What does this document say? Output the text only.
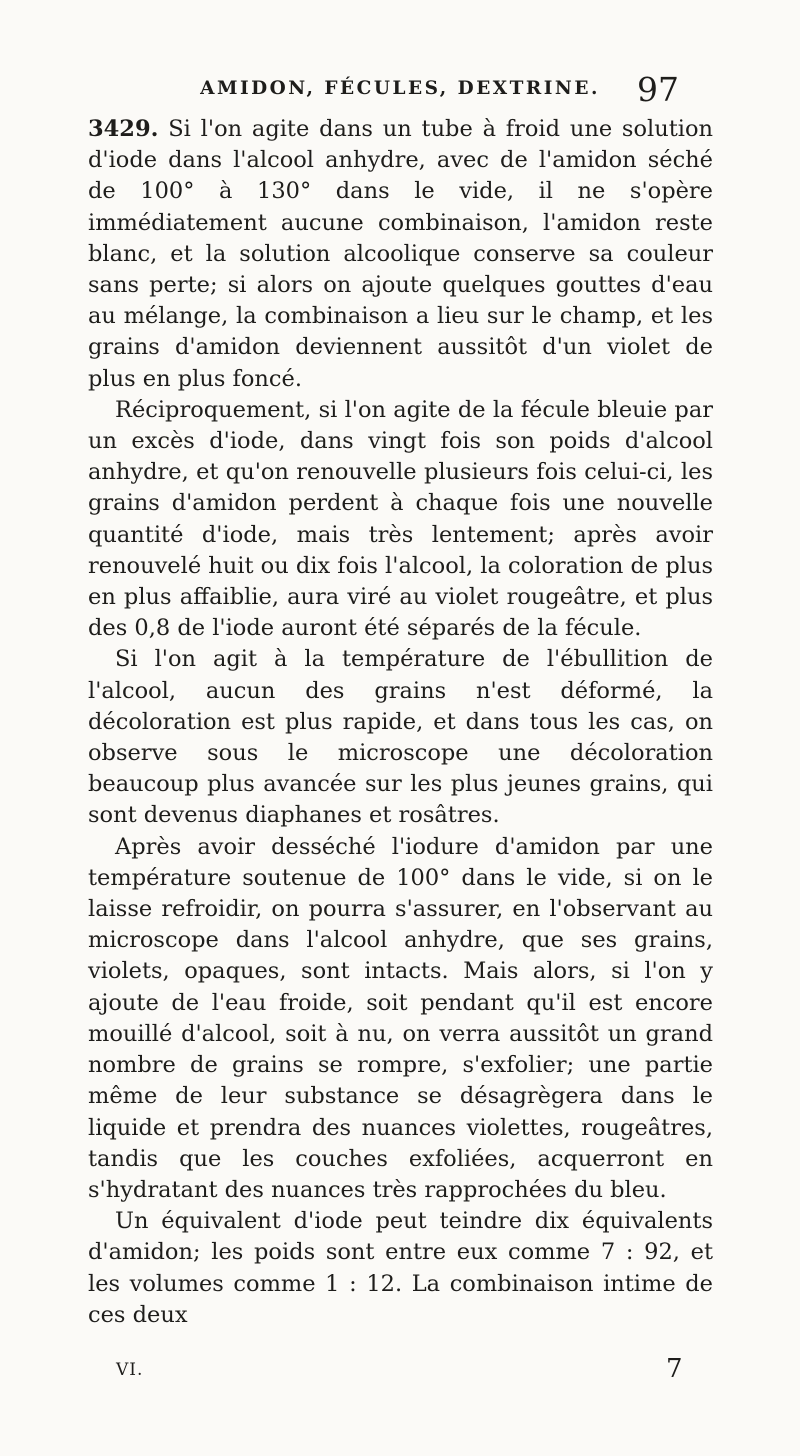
AMIDON, FÉCULES, DEXTRINE.	97

3429. Si l'on agite dans un tube à froid une solution d'iode dans l'alcool anhydre, avec de l'amidon séché de 100° à 130° dans le vide, il ne s'opère immédiatement aucune combinaison, l'amidon reste blanc, et la solution alcoolique conserve sa couleur sans perte; si alors on ajoute quelques gouttes d'eau au mélange, la combinaison a lieu sur le champ, et les grains d'amidon deviennent aussitôt d'un violet de plus en plus foncé.

Réciproquement, si l'on agite de la fécule bleuie par un excès d'iode, dans vingt fois son poids d'alcool anhydre, et qu'on renouvelle plusieurs fois celui-ci, les grains d'amidon perdent à chaque fois une nouvelle quantité d'iode, mais très lentement; après avoir renouvelé huit ou dix fois l'alcool, la coloration de plus en plus affaiblie, aura viré au violet rougeâtre, et plus des 0,8 de l'iode auront été séparés de la fécule.

Si l'on agit à la température de l'ébullition de l'alcool, aucun des grains n'est déformé, la décoloration est plus rapide, et dans tous les cas, on observe sous le microscope une décoloration beaucoup plus avancée sur les plus jeunes grains, qui sont devenus diaphanes et rosâtres.

Après avoir desséché l'iodure d'amidon par une température soutenue de 100° dans le vide, si on le laisse refroidir, on pourra s'assurer, en l'observant au microscope dans l'alcool anhydre, que ses grains, violets, opaques, sont intacts. Mais alors, si l'on y ajoute de l'eau froide, soit pendant qu'il est encore mouillé d'alcool, soit à nu, on verra aussitôt un grand nombre de grains se rompre, s'exfolier; une partie même de leur substance se désagrègera dans le liquide et prendra des nuances violettes, rougeâtres, tandis que les couches exfoliées, acquerront en s'hydratant des nuances très rapprochées du bleu.

Un équivalent d'iode peut teindre dix équivalents d'amidon; les poids sont entre eux comme 7 : 92, et les volumes comme 1 : 12. La combinaison intime de ces deux

VI.	7
